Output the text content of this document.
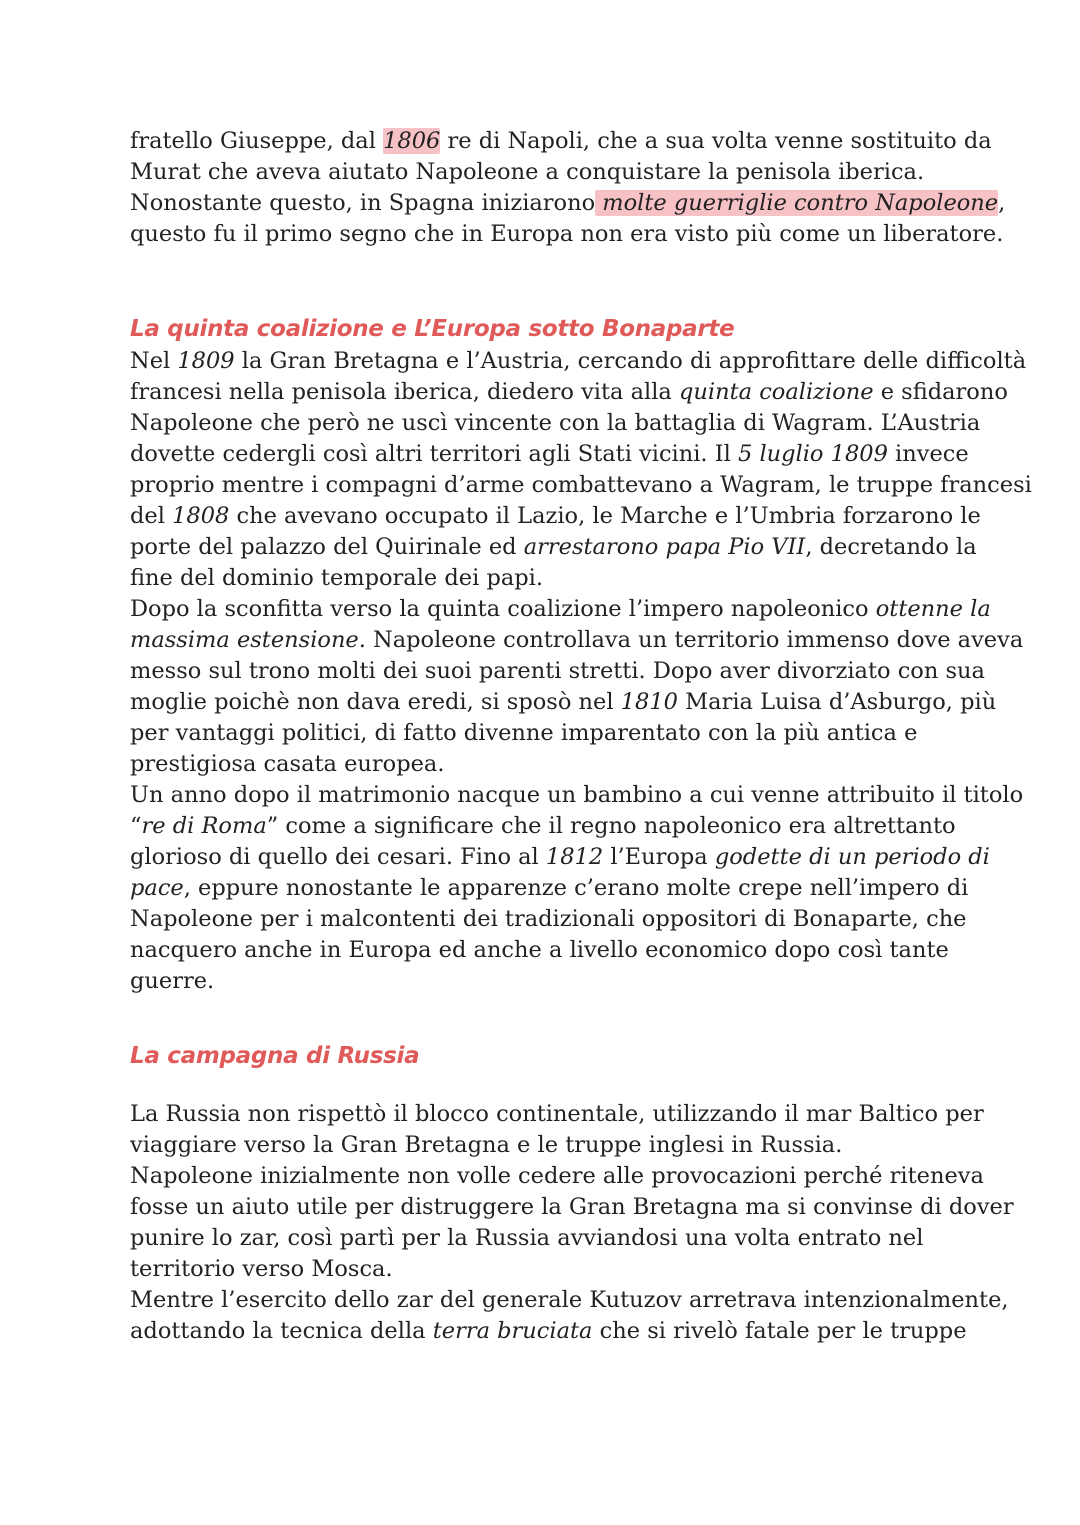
fratello Giuseppe, dal 1806 re di Napoli, che a sua volta venne sostituito da
Murat che aveva aiutato Napoleone a conquistare la penisola iberica.
Nonostante questo, in Spagna iniziarono molte guerriglie contro Napoleone,
questo fu il primo segno che in Europa non era visto più come un liberatore.
La quinta coalizione e L’Europa sotto Bonaparte
Nel 1809 la Gran Bretagna e l’Austria, cercando di approfittare delle difficoltà
francesi nella penisola iberica, diedero vita alla quinta coalizione e sfidarono
Napoleone che però ne uscì vincente con la battaglia di Wagram. L’Austria
dovette cedergli così altri territori agli Stati vicini. Il 5 luglio 1809 invece
proprio mentre i compagni d’arme combattevano a Wagram, le truppe francesi
del 1808 che avevano occupato il Lazio, le Marche e l’Umbria forzarono le
porte del palazzo del Quirinale ed arrestarono papa Pio VII, decretando la
fine del dominio temporale dei papi.
Dopo la sconfitta verso la quinta coalizione l’impero napoleonico ottenne la
massima estensione. Napoleone controllava un territorio immenso dove aveva
messo sul trono molti dei suoi parenti stretti. Dopo aver divorziato con sua
moglie poichè non dava eredi, si sposò nel 1810 Maria Luisa d’Asburgo, più
per vantaggi politici, di fatto divenne imparentato con la più antica e
prestigiosa casata europea.
Un anno dopo il matrimonio nacque un bambino a cui venne attribuito il titolo
“re di Roma” come a significare che il regno napoleonico era altrettanto
glorioso di quello dei cesari. Fino al 1812 l’Europa godette di un periodo di
pace, eppure nonostante le apparenze c’erano molte crepe nell’impero di
Napoleone per i malcontenti dei tradizionali oppositori di Bonaparte, che
nacquero anche in Europa ed anche a livello economico dopo così tante
guerre.
La campagna di Russia
La Russia non rispettò il blocco continentale, utilizzando il mar Baltico per
viaggiare verso la Gran Bretagna e le truppe inglesi in Russia.
Napoleone inizialmente non volle cedere alle provocazioni perché riteneva
fosse un aiuto utile per distruggere la Gran Bretagna ma si convinse di dover
punire lo zar, così partì per la Russia avviandosi una volta entrato nel
territorio verso Mosca.
Mentre l’esercito dello zar del generale Kutuzov arretrava intenzionalmente,
adottando la tecnica della terra bruciata che si rivelò fatale per le truppe
